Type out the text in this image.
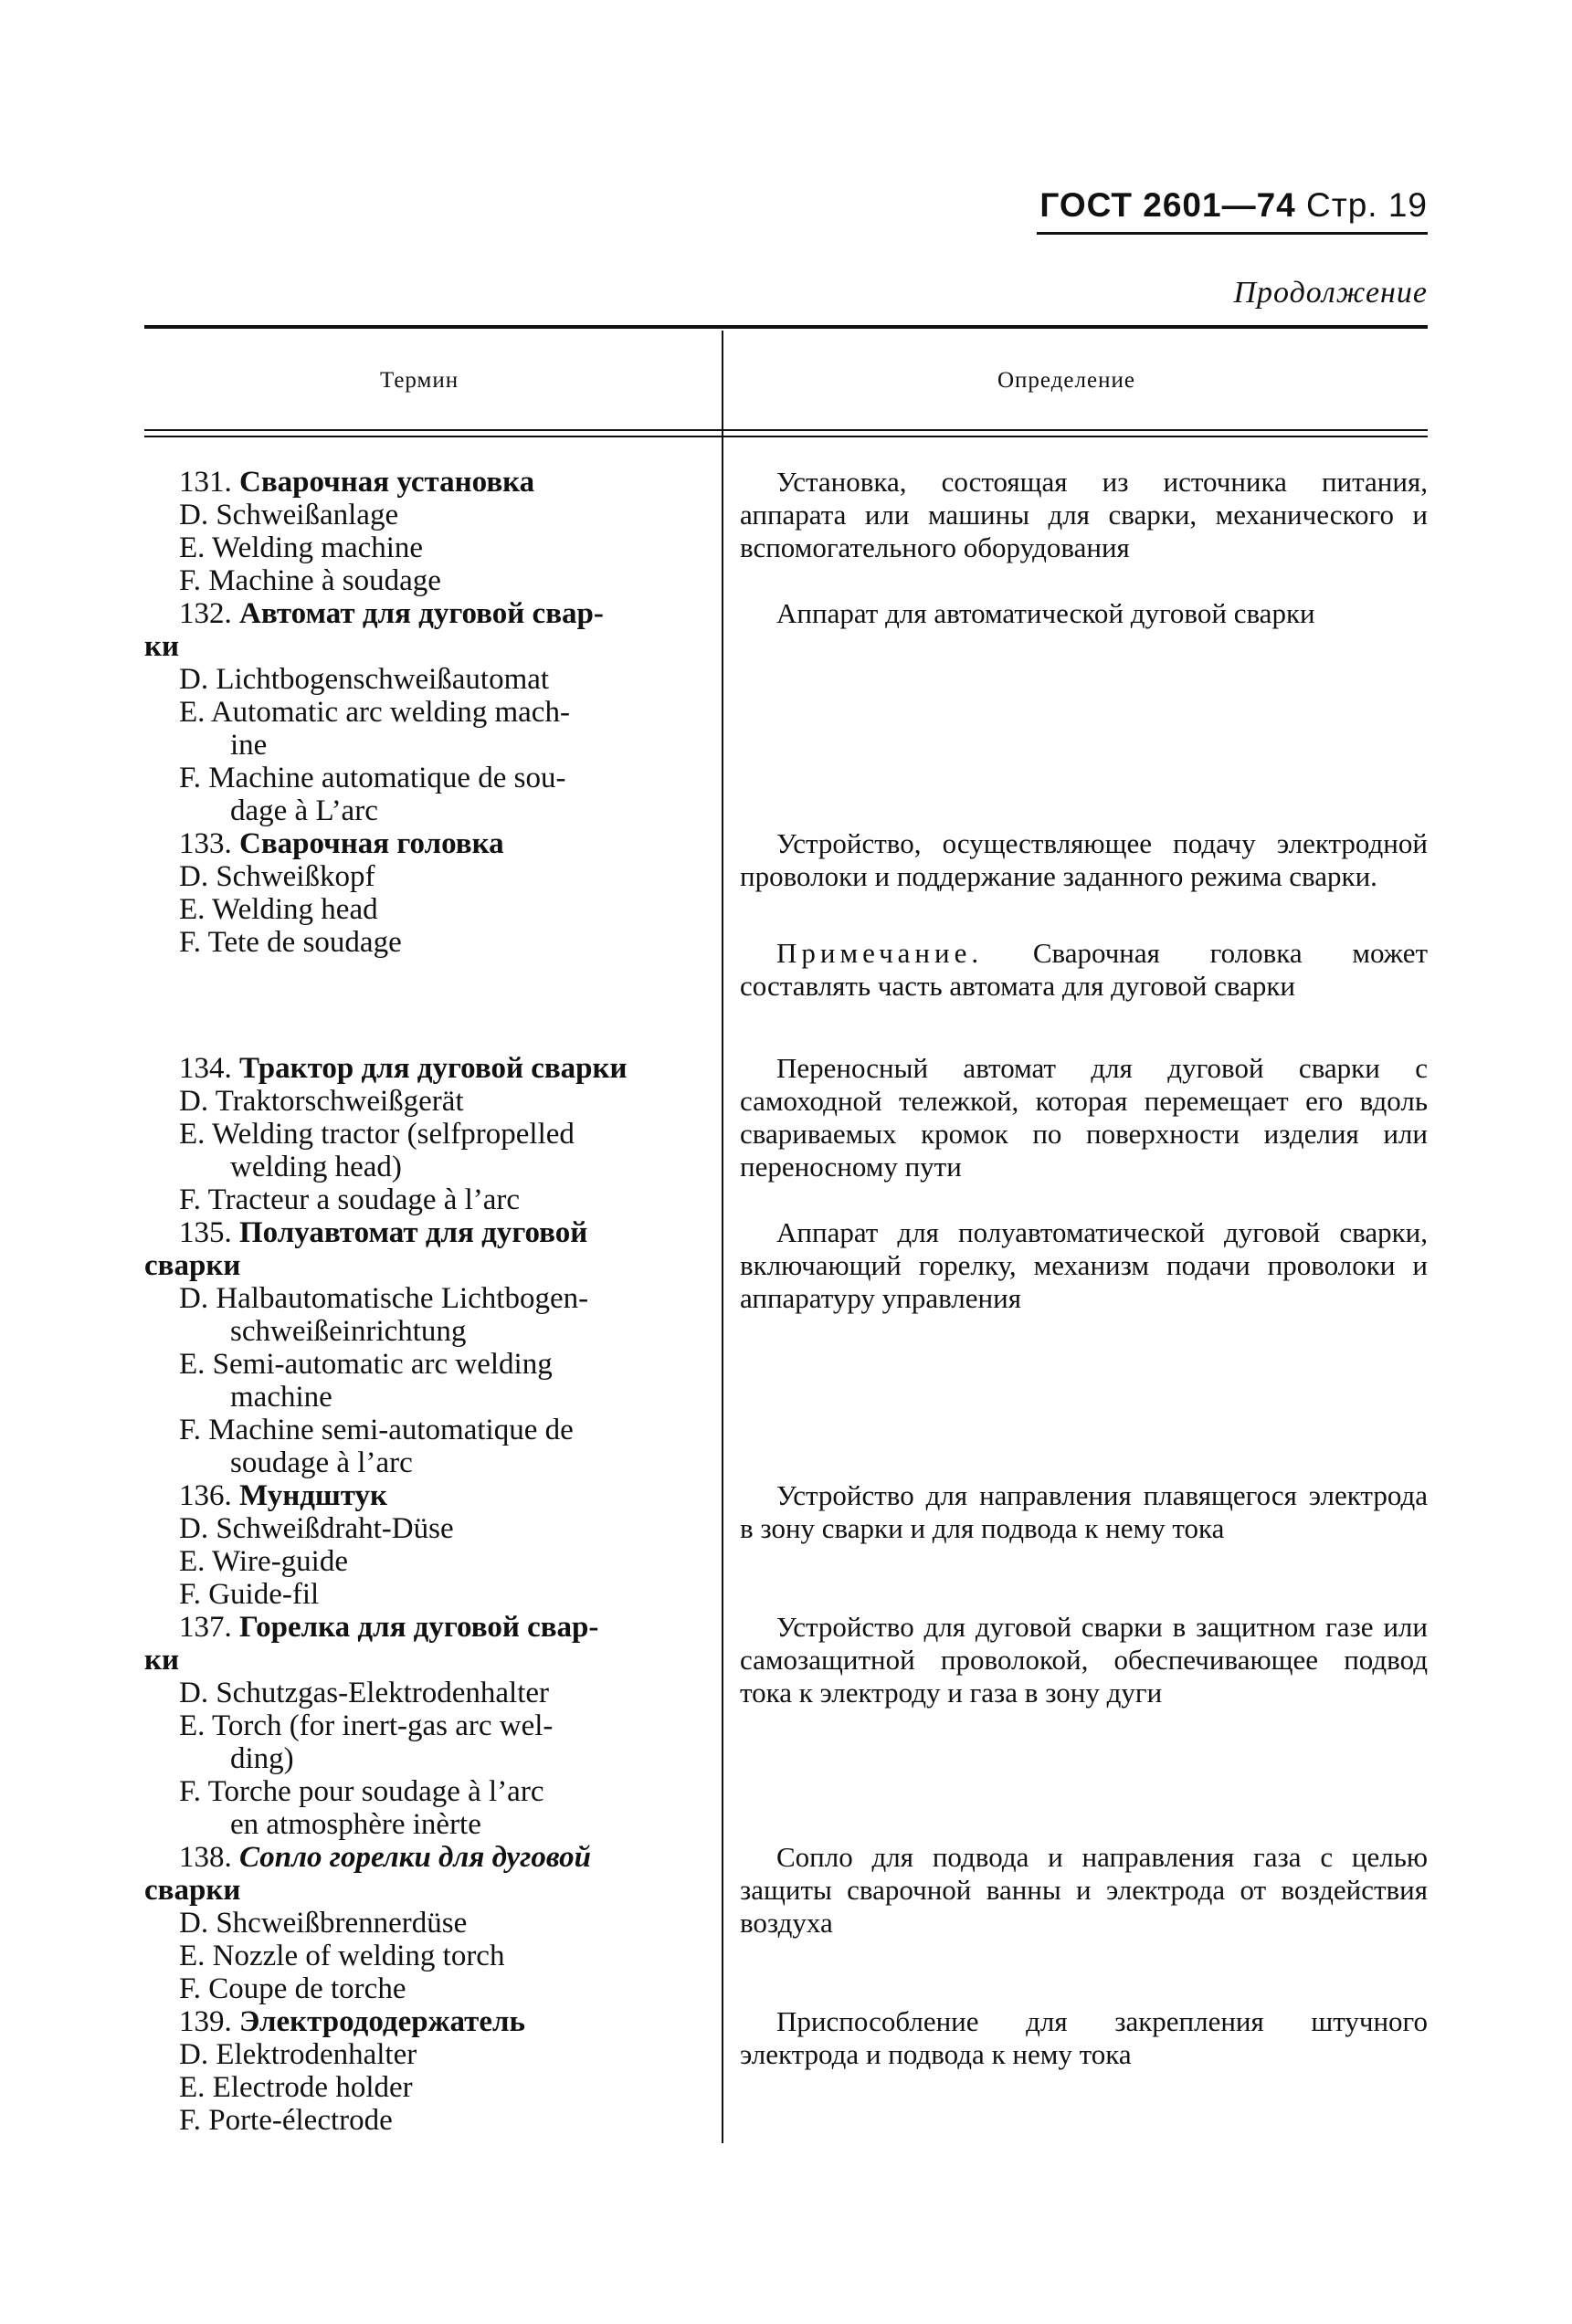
ГОСТ 2601—74 Стр. 19
Продолжение
Термин	Определение
131. Сварочная установка
D. Schweißanlage
E. Welding machine
F. Machine à soudage
132. Автомат для дуговой свар-
ки
D. Lichtbogenschweißautomat
E. Automatic arc welding mach-
ine
F. Machine automatique de sou-
dage à L’arc
133. Сварочная головка
D. Schweißkopf
E. Welding head
F. Tete de soudage
134. Трактор для дуговой сварки
D. Traktorschweißgerät
E. Welding tractor (selfpropelled
welding head)
F. Tracteur a soudage à l’arc
135. Полуавтомат для дуговой
сварки
D. Halbautomatische Lichtbogen-
schweißeinrichtung
E. Semi-automatic arc welding
machine
F. Machine semi-automatique de
soudage à l’arc
136. Мундштук
D. Schweißdraht-Düse
E. Wire-guide
F. Guide-fil
137. Горелка для дуговой свар-
ки
D. Schutzgas-Elektrodenhalter
E. Torch (for inert-gas arc wel-
ding)
F. Torche pour soudage à l’arc
en atmosphère inèrte
138. Сопло горелки для дуговой
сварки
D. Shcweißbrennerdüse
E. Nozzle of welding torch
F. Coupe de torche
139. Электрододержатель
D. Elektrodenhalter
E. Electrode holder
F. Porte-électrode
Установка, состоящая из источника питания, аппарата или машины для сварки, механического и вспомогательного оборудования
Аппарат для автоматической дуговой сварки
Устройство, осуществляющее подачу электродной проволоки и поддержание заданного режима сварки.
Примечание. Сварочная головка может составлять часть автомата для дуговой сварки
Переносный автомат для дуговой сварки с самоходной тележкой, которая перемещает его вдоль свариваемых кромок по поверхности изделия или переносному пути
Аппарат для полуавтоматической дуговой сварки, включающий горелку, механизм подачи проволоки и аппаратуру управления
Устройство для направления плавящегося электрода в зону сварки и для подвода к нему тока
Устройство для дуговой сварки в защитном газе или самозащитной проволокой, обеспечивающее подвод тока к электроду и газа в зону дуги
Сопло для подвода и направления газа с целью защиты сварочной ванны и электрода от воздействия воздуха
Приспособление для закрепления штучного электрода и подвода к нему тока
